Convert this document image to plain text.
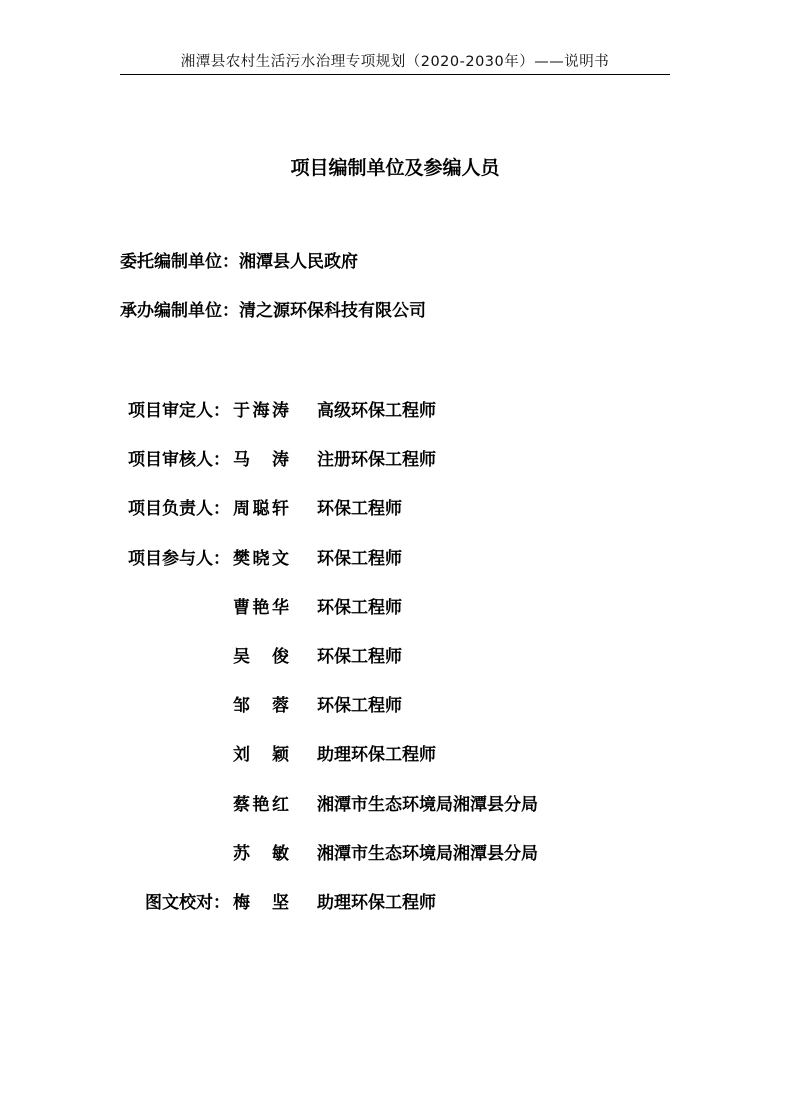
湘潭县农村生活污水治理专项规划（2020-2030年）——说明书
项目编制单位及参编人员
委托编制单位：湘潭县人民政府
承办编制单位：清之源环保科技有限公司
项目审定人： 于 海 涛 高级环保工程师
项目审核人： 马 涛 注册环保工程师
项目负责人： 周 聪 轩 环保工程师
项目参与人： 樊 晓 文 环保工程师
曹 艳 华 环保工程师
吴 俊 环保工程师
邹 蓉 环保工程师
刘 颖 助理环保工程师
蔡 艳 红 湘潭市生态环境局湘潭县分局
苏 敏 湘潭市生态环境局湘潭县分局
图文校对： 梅 坚 助理环保工程师
